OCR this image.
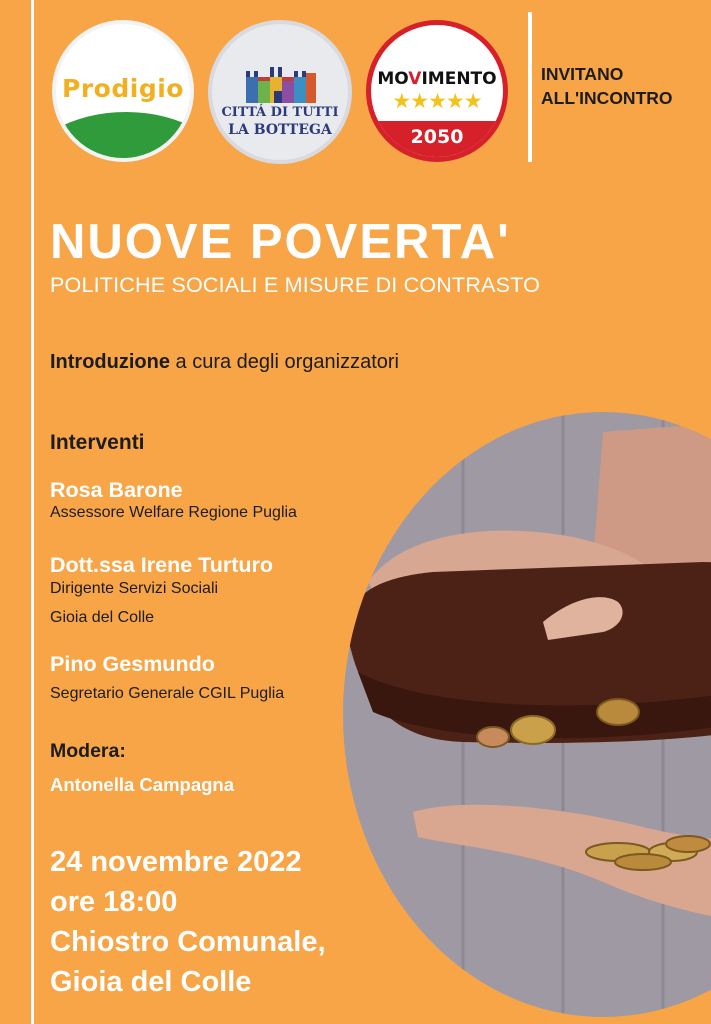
Prodigio
CITTÁ DI TUTTI
LA BOTTEGA
MOVIMENTO
★★★★★
2050
INVITANO
ALL'INCONTRO
NUOVE POVERTA'
POLITICHE SOCIALI E MISURE DI CONTRASTO
Introduzione a cura degli organizzatori
Interventi
Rosa Barone
Assessore Welfare Regione Puglia
Dott.ssa Irene Turturo
Dirigente Servizi Sociali
Gioia del Colle
Pino Gesmundo
Segretario Generale CGIL Puglia
Modera:
Antonella Campagna
24 novembre 2022
ore 18:00
Chiostro Comunale,
Gioia del Colle
